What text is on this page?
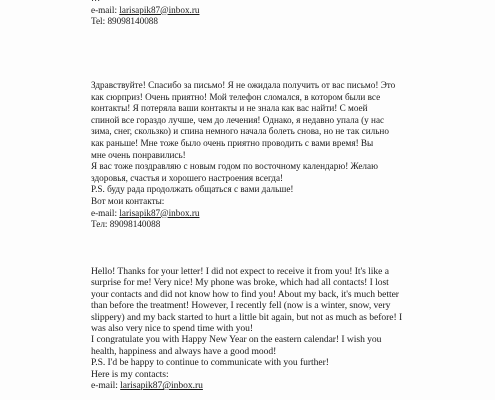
e-mail: larisapik87@inbox.ru
Tel: 89098140088
Здравствуйте! Спасибо за письмо! Я не ожидала получить от вас письмо! Это
как сюрприз! Очень приятно! Мой телефон сломался, в котором были все
контакты! Я потеряла ваши контакты и не знала как вас найти! С моей
спиной все гораздо лучше, чем до лечения! Однако, я недавно упала (у нас
зима, снег, скользко) и спина немного начала болеть снова, но не так сильно
как раньше! Мне тоже было очень приятно проводить с вами время! Вы
мне очень понравились!
Я вас тоже поздравляю с новым годом по восточному календарю! Желаю
здоровья, счастья и хорошего настроения всегда!
P.S. буду рада продолжать общаться с вами дальше!
Вот мои контакты:
e-mail: larisapik87@inbox.ru
Тел: 89098140088
Hello! Thanks for your letter! I did not expect to receive it from you! It's like a
surprise for me! Very nice! My phone was broke, which had all contacts! I lost
your contacts and did not know how to find you! About my back, it's much better
than before the treatment! However, I recently fell (now is a winter, snow, very
slippery) and my back started to hurt a little bit again, but not as much as before! I
was also very nice to spend time with you!
I congratulate you with Happy New Year on the eastern calendar! I wish you
health, happiness and always have a good mood!
P.S. I'd be happy to continue to communicate with you further!
Here is my contacts:
e-mail: larisapik87@inbox.ru
